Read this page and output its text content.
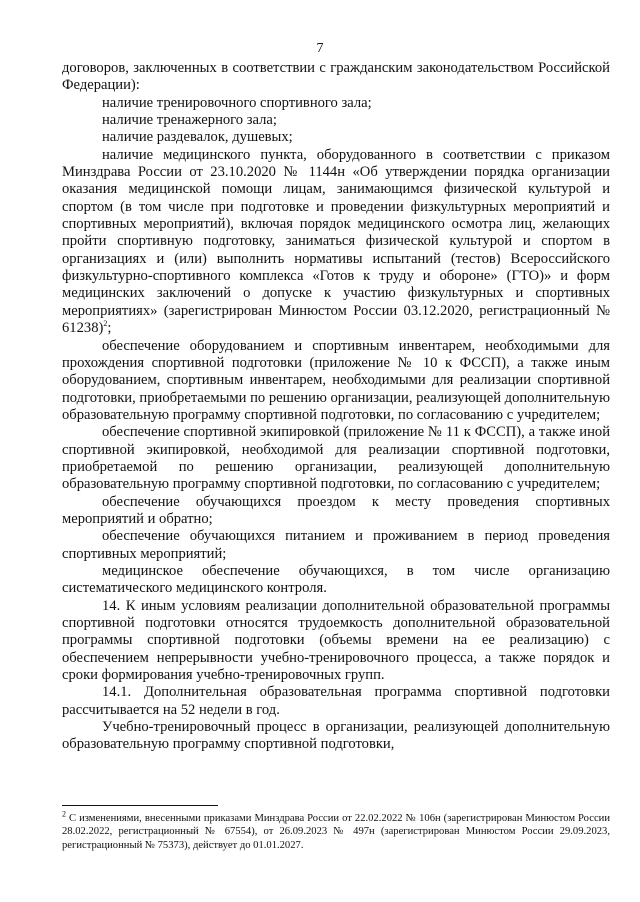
7

договоров, заключенных в соответствии с гражданским законодательством Российской Федерации):

наличие тренировочного спортивного зала;

наличие тренажерного зала;

наличие раздевалок, душевых;

наличие медицинского пункта, оборудованного в соответствии с приказом Минздрава России от 23.10.2020 № 1144н «Об утверждении порядка организации оказания медицинской помощи лицам, занимающимся физической культурой и спортом (в том числе при подготовке и проведении физкультурных мероприятий и спортивных мероприятий), включая порядок медицинского осмотра лиц, желающих пройти спортивную подготовку, заниматься физической культурой и спортом в организациях и (или) выполнить нормативы испытаний (тестов) Всероссийского физкультурно-спортивного комплекса «Готов к труду и обороне» (ГТО)» и форм медицинских заключений о допуске к участию физкультурных и спортивных мероприятиях» (зарегистрирован Минюстом России 03.12.2020, регистрационный № 61238)$^2$;

обеспечение оборудованием и спортивным инвентарем, необходимыми для прохождения спортивной подготовки (приложение № 10 к ФССП), а также иным оборудованием, спортивным инвентарем, необходимыми для реализации спортивной подготовки, приобретаемыми по решению организации, реализующей дополнительную образовательную программу спортивной подготовки, по согласованию с учредителем;

обеспечение спортивной экипировкой (приложение № 11 к ФССП), а также иной спортивной экипировкой, необходимой для реализации спортивной подготовки, приобретаемой по решению организации, реализующей дополнительную образовательную программу спортивной подготовки, по согласованию с учредителем;

обеспечение обучающихся проездом к месту проведения спортивных мероприятий и обратно;

обеспечение обучающихся питанием и проживанием в период проведения спортивных мероприятий;

медицинское обеспечение обучающихся, в том числе организацию систематического медицинского контроля.

14. К иным условиям реализации дополнительной образовательной программы спортивной подготовки относятся трудоемкость дополнительной образовательной программы спортивной подготовки (объемы времени на ее реализацию) с обеспечением непрерывности учебно-тренировочного процесса, а также порядок и сроки формирования учебно-тренировочных групп.

14.1. Дополнительная образовательная программа спортивной подготовки рассчитывается на 52 недели в год.

Учебно-тренировочный процесс в организации, реализующей дополнительную образовательную программу спортивной подготовки,

$^2$ С изменениями, внесенными приказами Минздрава России от 22.02.2022 № 106н (зарегистрирован Минюстом России 28.02.2022, регистрационный № 67554), от 26.09.2023 № 497н (зарегистрирован Минюстом России 29.09.2023, регистрационный № 75373), действует до 01.01.2027.
